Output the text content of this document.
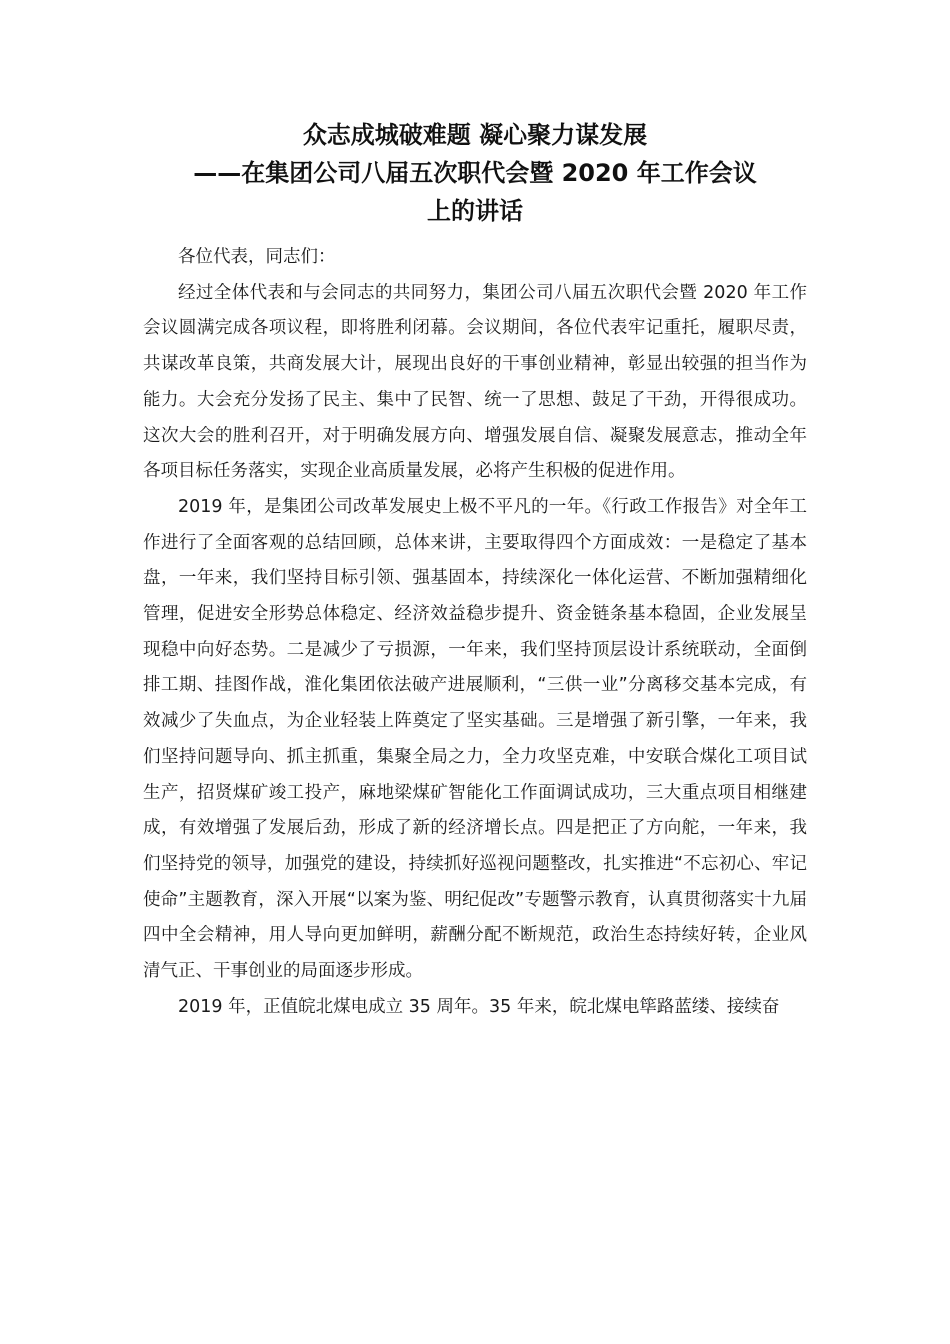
众志成城破难题 凝心聚力谋发展
——在集团公司八届五次职代会暨 2020 年工作会议
上的讲话

各位代表，同志们：

经过全体代表和与会同志的共同努力，集团公司八届五次职代会暨 2020 年工作会议圆满完成各项议程，即将胜利闭幕。会议期间，各位代表牢记重托，履职尽责，共谋改革良策，共商发展大计，展现出良好的干事创业精神，彰显出较强的担当作为能力。大会充分发扬了民主、集中了民智、统一了思想、鼓足了干劲，开得很成功。这次大会的胜利召开，对于明确发展方向、增强发展自信、凝聚发展意志，推动全年各项目标任务落实，实现企业高质量发展，必将产生积极的促进作用。

2019 年，是集团公司改革发展史上极不平凡的一年。《行政工作报告》对全年工作进行了全面客观的总结回顾，总体来讲，主要取得四个方面成效：一是稳定了基本盘，一年来，我们坚持目标引领、强基固本，持续深化一体化运营、不断加强精细化管理，促进安全形势总体稳定、经济效益稳步提升、资金链条基本稳固，企业发展呈现稳中向好态势。二是减少了亏损源，一年来，我们坚持顶层设计系统联动，全面倒排工期、挂图作战，淮化集团依法破产进展顺利，“三供一业”分离移交基本完成，有效减少了失血点，为企业轻装上阵奠定了坚实基础。三是增强了新引擎，一年来，我们坚持问题导向、抓主抓重，集聚全局之力，全力攻坚克难，中安联合煤化工项目试生产，招贤煤矿竣工投产，麻地梁煤矿智能化工作面调试成功，三大重点项目相继建成，有效增强了发展后劲，形成了新的经济增长点。四是把正了方向舵，一年来，我们坚持党的领导，加强党的建设，持续抓好巡视问题整改，扎实推进“不忘初心、牢记使命”主题教育，深入开展“以案为鉴、明纪促改”专题警示教育，认真贯彻落实十九届四中全会精神，用人导向更加鲜明，薪酬分配不断规范，政治生态持续好转，企业风清气正、干事创业的局面逐步形成。

2019 年，正值皖北煤电成立 35 周年。35 年来，皖北煤电筚路蓝缕、接续奋
